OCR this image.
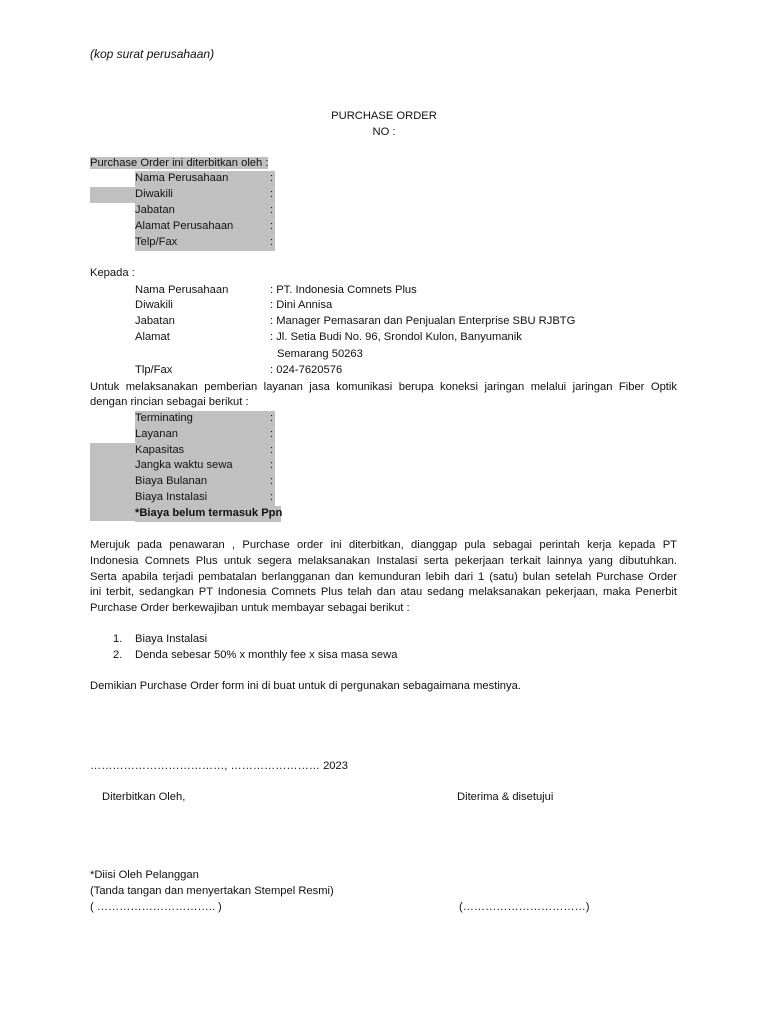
(kop surat perusahaan)
PURCHASE ORDER
NO :
Purchase Order ini diterbitkan oleh :
Nama Perusahaan	:
Diwakili	:
Jabatan	:
Alamat Perusahaan	:
Telp/Fax	:
Kepada :
Nama Perusahaan	: PT. Indonesia Comnets Plus
Diwakili	: Dini Annisa
Jabatan	: Manager Pemasaran dan Penjualan Enterprise SBU RJBTG
Alamat	: Jl. Setia Budi No. 96, Srondol Kulon, Banyumanik
Semarang 50263
Tlp/Fax	: 024-7620576
Untuk melaksanakan pemberian layanan jasa komunikasi berupa koneksi jaringan melalui jaringan Fiber Optik
dengan rincian sebagai berikut :
Terminating	:
Layanan	:
Kapasitas	:
Jangka waktu sewa	:
Biaya Bulanan	:
Biaya Instalasi	:
*Biaya belum termasuk Ppn
Merujuk pada penawaran , Purchase order ini diterbitkan, dianggap pula sebagai perintah kerja kepada PT
Indonesia Comnets Plus untuk segera melaksanakan Instalasi serta pekerjaan terkait lainnya yang dibutuhkan.
Serta apabila terjadi pembatalan berlangganan dan kemunduran lebih dari 1 (satu) bulan setelah Purchase Order
ini terbit, sedangkan PT Indonesia Comnets Plus telah dan atau sedang melaksanakan pekerjaan, maka Penerbit
Purchase Order berkewajiban untuk membayar sebagai berikut :
1. Biaya Instalasi
2. Denda sebesar 50% x monthly fee x sisa masa sewa
Demikian Purchase Order form ini di buat untuk di pergunakan sebagaimana mestinya.
………………………………, …………………… 2023
Diterbitkan Oleh,	Diterima & disetujui
*Diisi Oleh Pelanggan
(Tanda tangan dan menyertakan Stempel Resmi)
( ………………………….. )	(……………………………)
